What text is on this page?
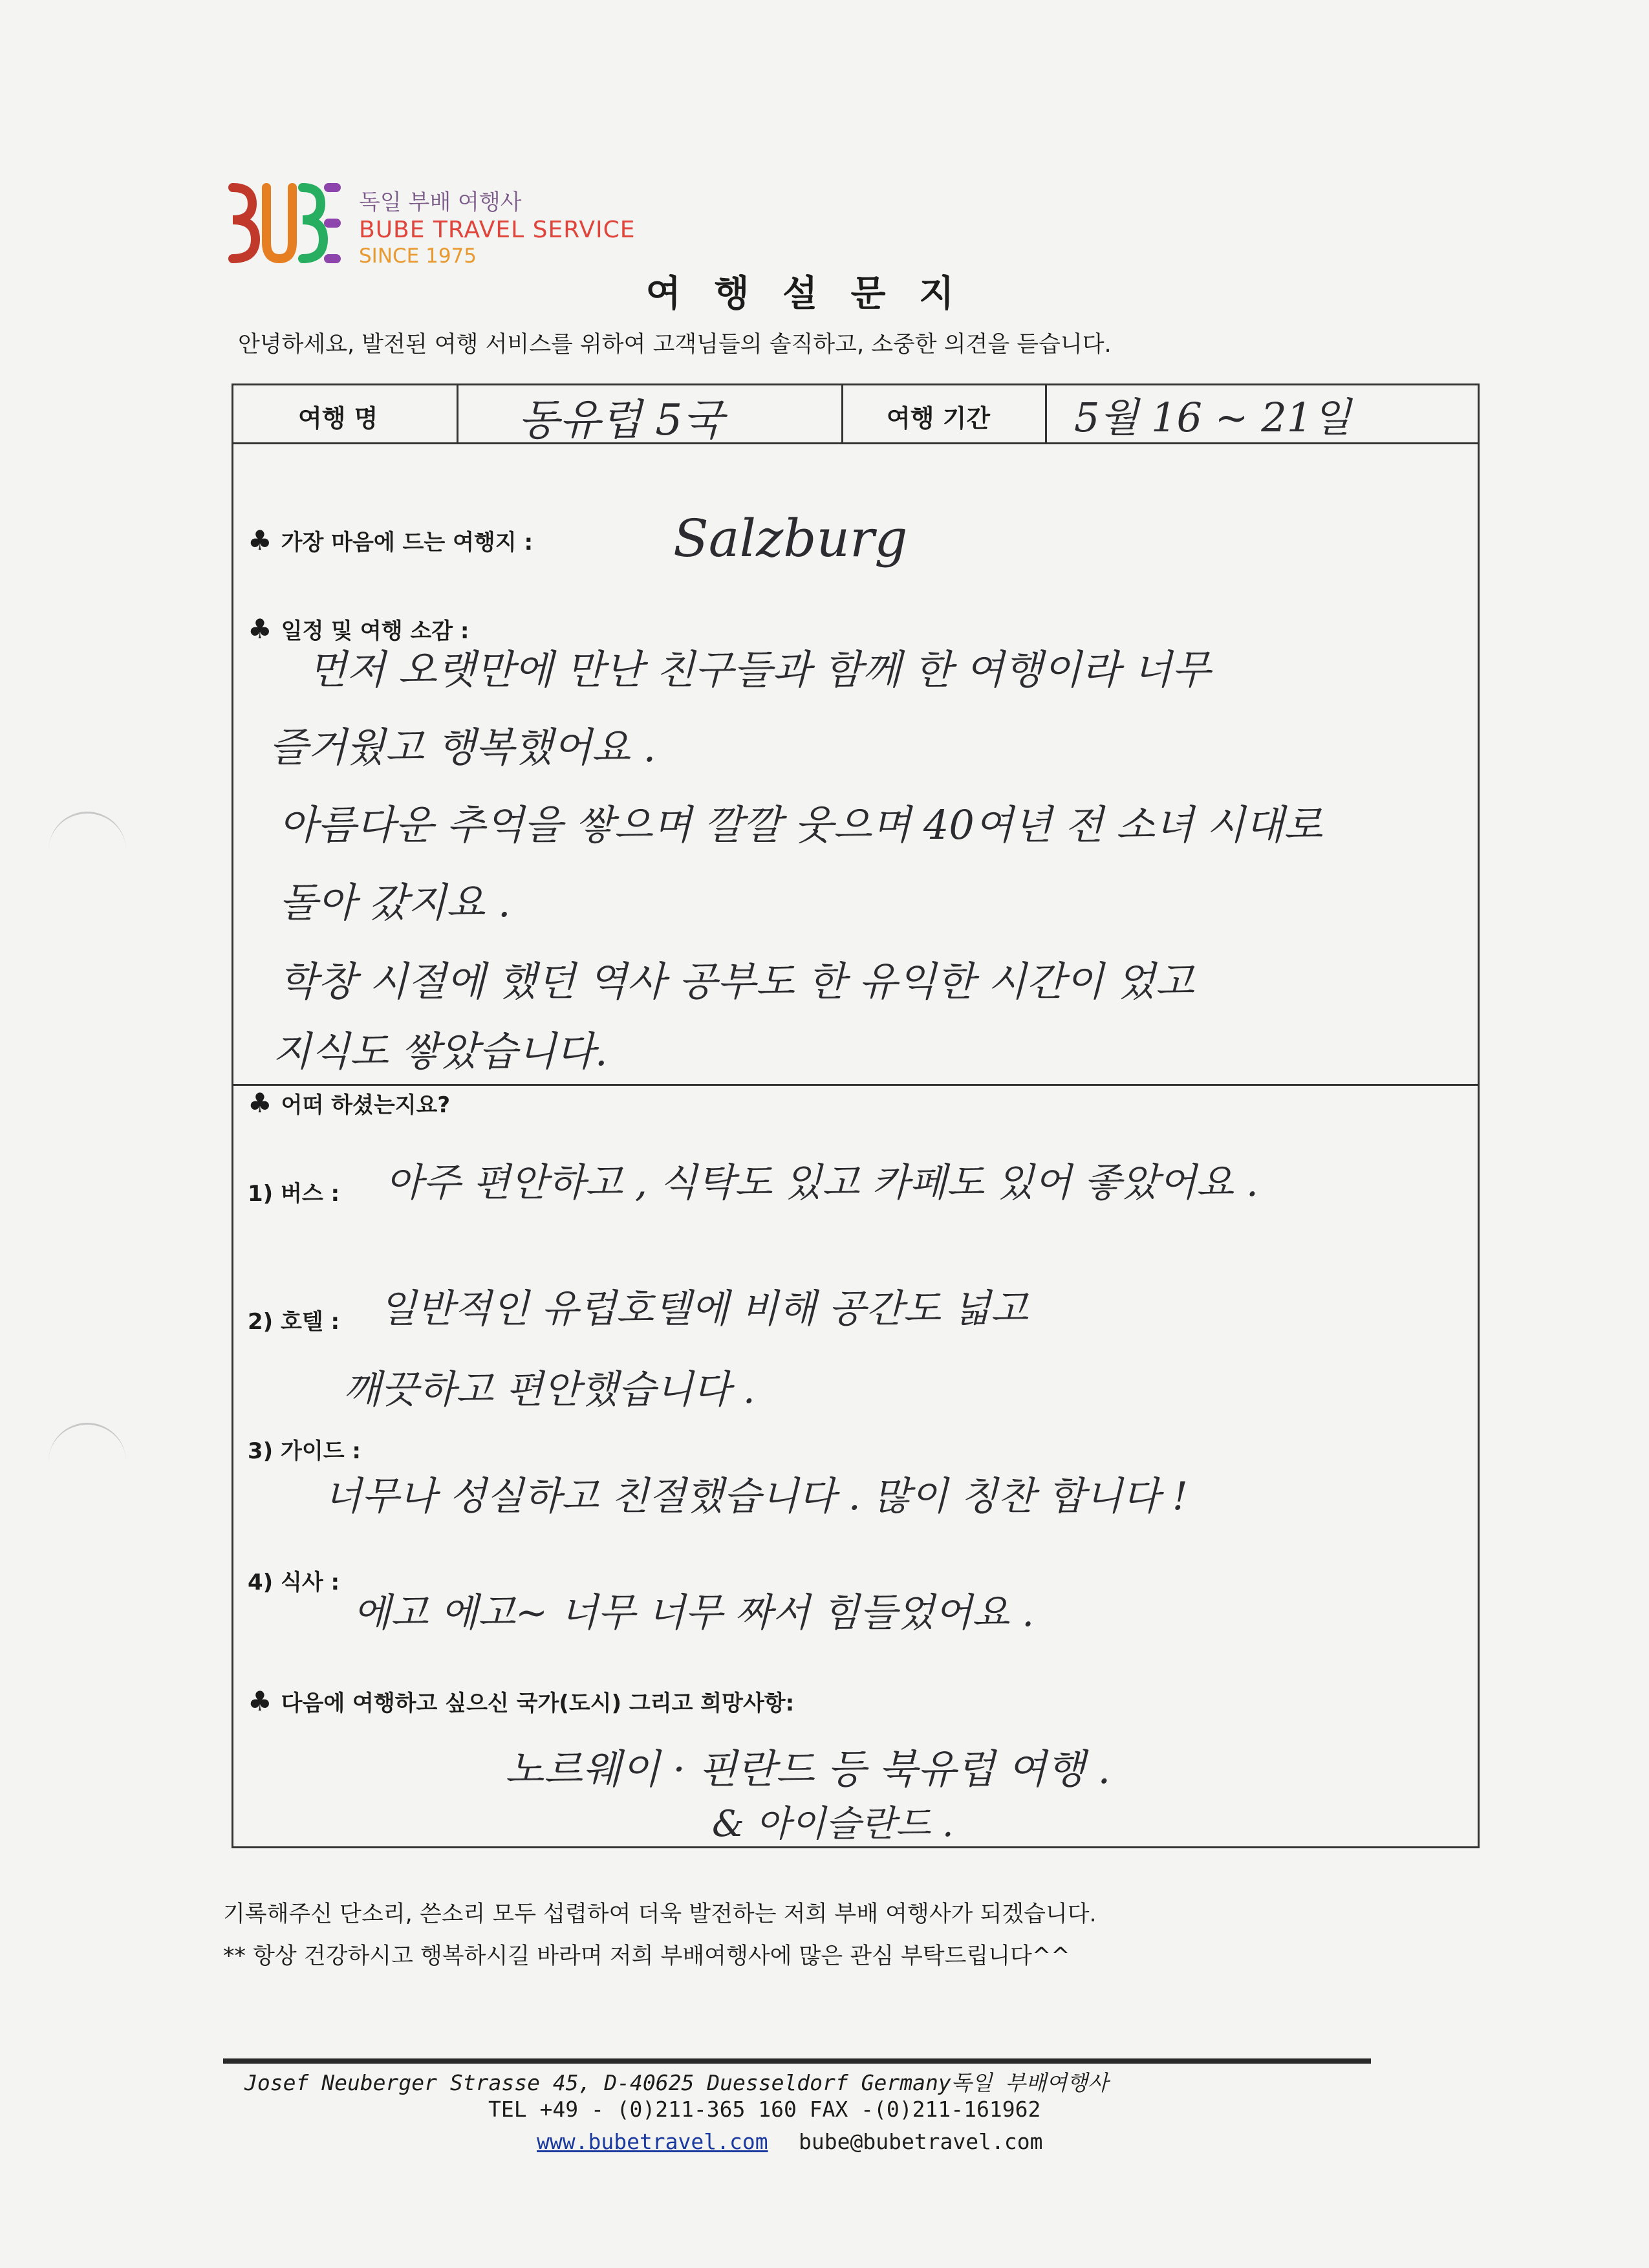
독일 부배 여행사
BUBE TRAVEL SERVICE
SINCE 1975
여 행 설 문 지
안녕하세요, 발전된 여행 서비스를 위하여 고객님들의 솔직하고, 소중한 의견을 듣습니다.
여행 명	동유럽 5국	여행 기간 5월 16 ~ 21일
♣ 가장 마음에 드는 여행지 :	Salzburg
♣ 일정 및 여행 소감 :
먼저 오랫만에 만난 친구들과 함께 한 여행이라 너무
즐거웠고 행복했어요 .
아름다운 추억을 쌓으며 깔깔 웃으며 40여년 전 소녀 시대로
돌아 갔지요 .
학창 시절에 했던 역사 공부도 한 유익한 시간이 었고
지식도 쌓았습니다.
♣ 어떠 하셨는지요?
1) 버스 : 아주 편안하고 , 식탁도 있고 카페도 있어 좋았어요 .
2) 호텔 : 일반적인 유럽호텔에 비해 공간도 넓고
깨끗하고 편안했습니다 .
3) 가이드 :
너무나 성실하고 친절했습니다 . 많이 칭찬 합니다 !
4) 식사 :
에고 에고~ 너무 너무 짜서 힘들었어요 .
♣ 다음에 여행하고 싶으신 국가(도시) 그리고 희망사항:
노르웨이 · 핀란드 등 북유럽 여행 .
& 아이슬란드 .
기록해주신 단소리, 쓴소리 모두 섭렵하여 더욱 발전하는 저희 부배 여행사가 되겠습니다.
** 항상 건강하시고 행복하시길 바라며 저희 부배여행사에 많은 관심 부탁드립니다^^
Josef Neuberger Strasse 45, D-40625 Duesseldorf Germany독일 부배여행사
TEL +49 - (0)211-365 160 FAX -(0)211-161962
www.bubetravel.com bube@bubetravel.com
